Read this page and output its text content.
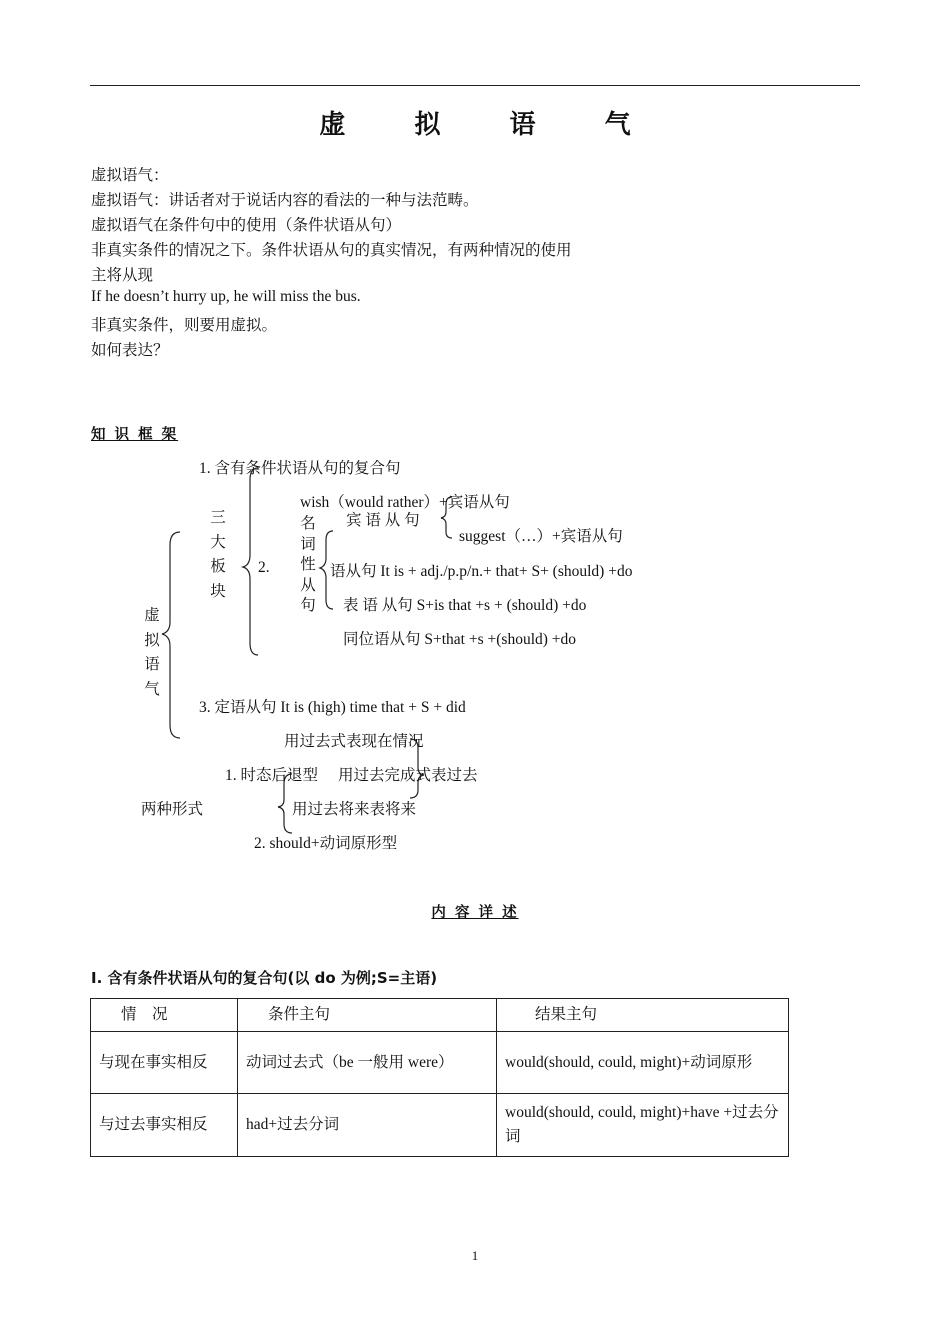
虚 拟 语 气
虚拟语气：
虚拟语气：讲话者对于说话内容的看法的一种与法范畴。
虚拟语气在条件句中的使用（条件状语从句）
非真实条件的情况之下。条件状语从句的真实情况，有两种情况的使用
主将从现
If he doesn’t hurry up, he will miss the bus.
非真实条件，则要用虚拟。
如何表达？
知 识 框 架
1. 含有条件状语从句的复合句
三大板块
2.
名词性从句
wish（would rather）+宾语从句
宾 语 从 句
suggest（…）+宾语从句
语从句 It is + adj./p.p/n.+ that+ S+ (should) +do
表 语 从句 S+is that +s + (should) +do
同位语从句 S+that +s +(should) +do
虚拟语气
3. 定语从句 It is (high) time that + S + did
用过去式表现在情况
1. 时态后退型 用过去完成式表过去
两种形式	用过去将来表将来
2. should+动词原形型
内 容 详 述
I. 含有条件状语从句的复合句(以 do 为例;S=主语)
情　况	条件主句	结果主句
与现在事实相反	动词过去式（be 一般用 were）	would(should, could, might)+动词原形
与过去事实相反	had+过去分词	would(should, could, might)+have +过去分词
1
